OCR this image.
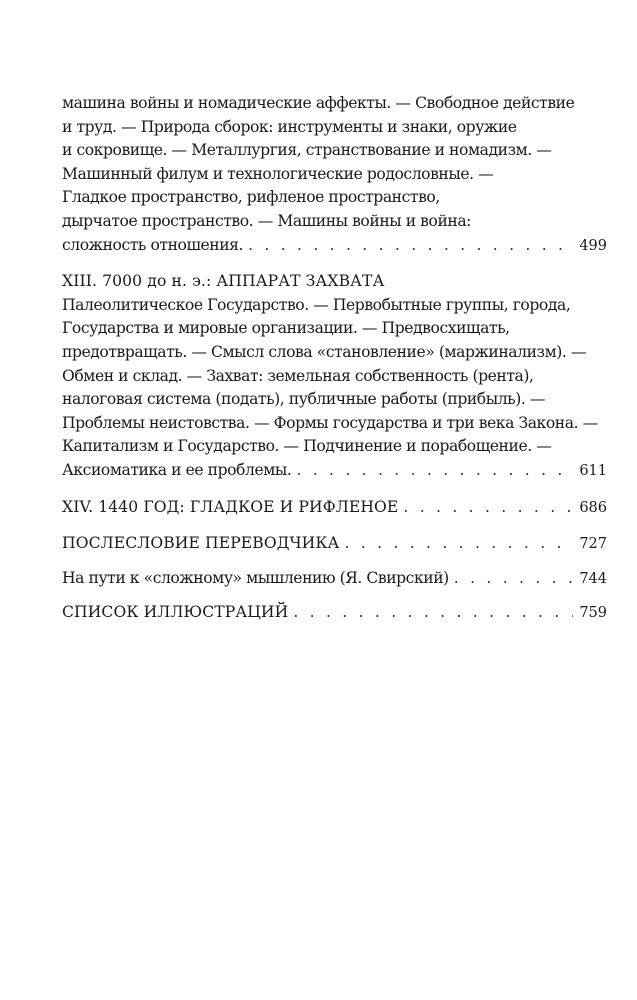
машина войны и номадические аффекты. — Свободное действие
и труд. — Природа сборок: инструменты и знаки, оружие
и сокровище. — Металлургия, странствование и номадизм. —
Машинный филум и технологические родословные. —
Гладкое пространство, рифленое пространство,
дырчатое пространство. — Машины войны и война:
сложность отношения. . . .	499
XIII. 7000 до н. э.: АППАРАТ ЗАХВАТА
Палеолитическое Государство. — Первобытные группы, города,
Государства и мировые организации. — Предвосхищать,
предотвращать. — Смысл слова «становление» (маржинализм). —
Обмен и склад. — Захват: земельная собственность (рента),
налоговая система (подать), публичные работы (прибыль). —
Проблемы неистовства. — Формы государства и три века Закона. —
Капитализм и Государство. — Подчинение и порабощение. —
Аксиоматика и ее проблемы. . . .	611
XIV. 1440 ГОД: ГЛАДКОЕ И РИФЛЕНОЕ . . .	686
ПОСЛЕСЛОВИЕ ПЕРЕВОДЧИКА . . .	727
На пути к «сложному» мышлению (Я. Свирский) . . .	744
СПИСОК ИЛЛЮСТРАЦИЙ . . .	759
